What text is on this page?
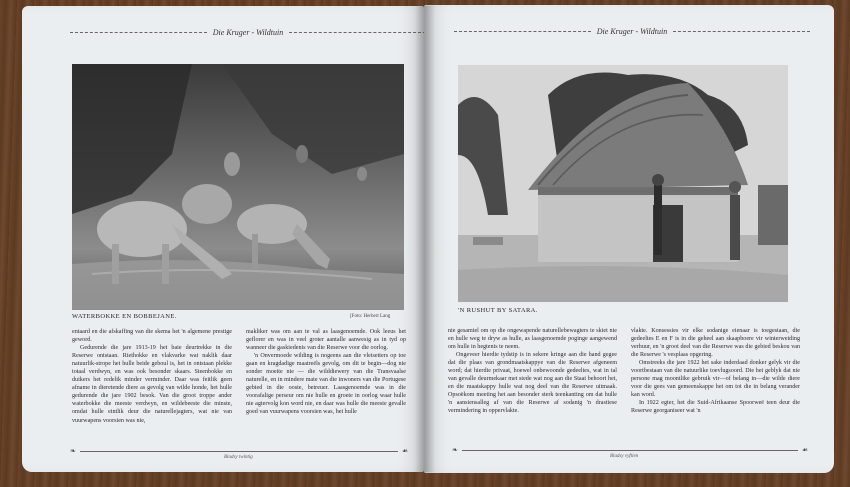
Die Kruger - Wildtuin
WATERBOKKE EN BOBBEJANE.	[Foto: Herbert Lang

entaard en die afskaffing van die skema het 'n algemene prestige geword.

Gedurende die jare 1913-19 het baie deurtrekke in die Reserwe ontstaan. Riethokke en vlakvarke wat naklik daar natuurlik-strope het hulle beide geboul is, het in ontstaan plekke totaal verdwyn, en was ook besonder skaars. Steenbokke en duikers het redelik minder verminder. Daar was feitlik geen afname in dieretende diere as gevolg van wilde honde, het hulle gedurende die jare 1902 besok. Van die groot troppe ander waterbokke die meeste verdwyn, en wildebeeste die minste, omdat hulle eintlik deur die naturellejagters, wat nie van vuurwapens voorsien was nie,

makliker was om aan te val as laasgenoemde. Ook leeus het geflorer en was in veel groter aantalle aanwesig as in tyd op wanneer die gaskiedenis van die Reserwe voor die oorlog.

'n Onvermoede wilding is nogeens aan die vleisetters op toe gaan en kragdadige maatreëls gevolg, om dit te begin—dog nie sonder moeite nie — die wilddiewery van die Transvaalse naturelle, en in mindere mate van die inwoners van die Portugese gebied in die ooste, betreuer. Laasgenoemde was in die voorafalige perseur om nie hulle en groete in oorlog waar hulle nie agtervolg kon word nie, en daar was hulle die meeste gevalle goed van vuurwapens voorsien was, het hulle

❧	☙
Bladsy twintig
Die Kruger - Wildtuin
'N RUSHUT BY SATARA.

nie gesamtel om op die ongewapende naturellebewagters te skiet nie en hulle weg te dryw as hulle, as laasgenoemde poginge aangewend om hulle in hegtenis te neem.

Ongeveer hierdie tydstip is in sekere kringe aan die hand gegee dat die plaas van grondmaatskappye van die Reserwe afgeneem word; dat hierdie privaat, hoewel onbewoonde gedeeltes, wat in tal van gevalle deurmekaar met stede wat nog aan die Staat behoort het, en die maatskappy hulle wat nog deel van die Reserwe uitmaak. Opsoëkom meeting het aan besonder sterk teenkanting om dat hulle 'n aansiensalleg af van die Reserwe af sodanig 'n drastiese vermindering in oppervlakte.

vlakte. Konsessies vir elke sodanige eienaar is toegestaan, die gedeeltes E en F is in die geheel aan skaapboere vir winterweiding verhuur, en 'n groot deel van die Reserwe was die gebied beskou van die Reserwe 's vesplaas opgering.

Omstreeks die jare 1922 het sake inderdaad donker gelyk vir die voortbestaan van die natuurlike toevlugsoord. Die het geblyk dat nie persone mag moontlike gebruik vir—of belang in—die wilde diere voor die gees van gemeenskappe het om tot die in belang verander kan word.

In 1922 egter, het die Suid-Afrikaanse Spoorweë teen deur die Reserwe georganiseer wat 'n

❧	☙
Bladsy vyftien
